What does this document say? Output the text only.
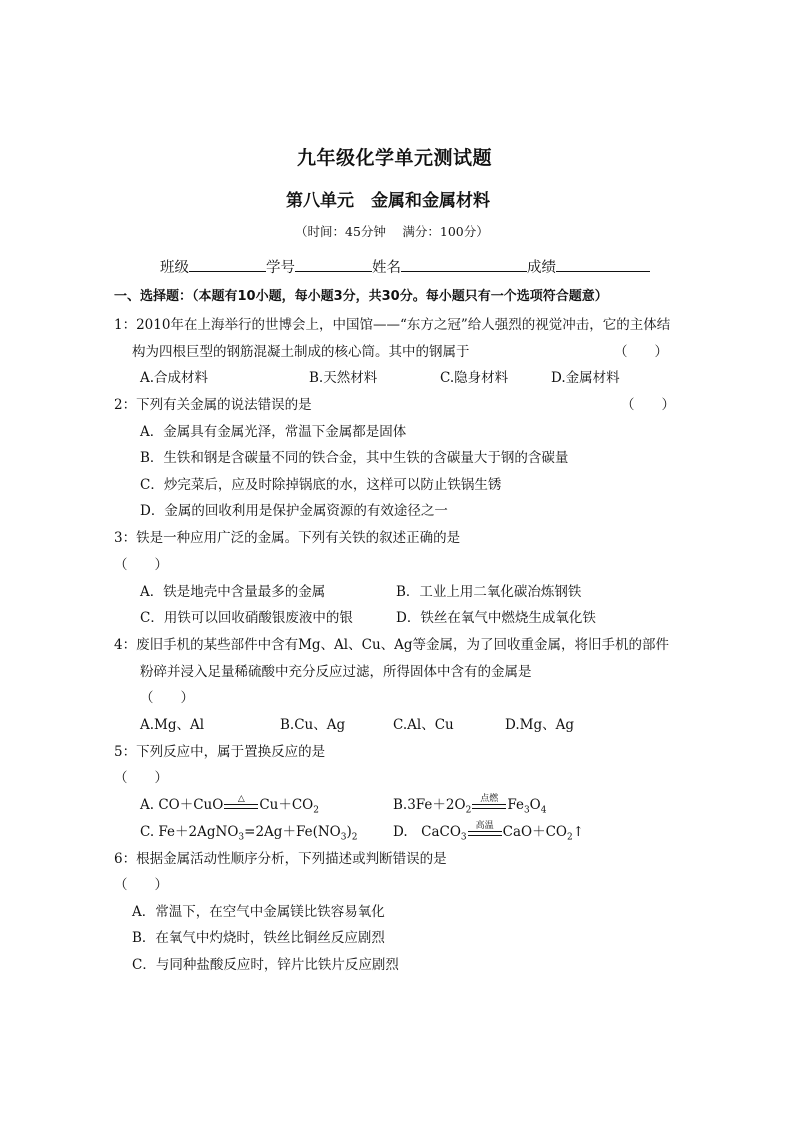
九年级化学单元测试题
第八单元　金属和金属材料
（时间：45分钟　 满分：100分）
班级	学号	姓名	成绩
一、选择题：（本题有10小题，每小题3分，共30分。每小题只有一个选项符合题意）
1：2010年在上海举行的世博会上，中国馆——“东方之冠”给人强烈的视觉冲击，它的主体结
构为四根巨型的钢筋混凝土制成的核心筒。其中的钢属于	（　　）
A.合成材料	B.天然材料	C.隐身材料	D.金属材料
2：下列有关金属的说法错误的是	（　　）
A．金属具有金属光泽，常温下金属都是固体
B．生铁和钢是含碳量不同的铁合金，其中生铁的含碳量大于钢的含碳量
C．炒完菜后，应及时除掉锅底的水，这样可以防止铁锅生锈
D．金属的回收利用是保护金属资源的有效途径之一
3：铁是一种应用广泛的金属。下列有关铁的叙述正确的是
（　　）
A．铁是地壳中含量最多的金属	B．工业上用二氧化碳冶炼钢铁
C．用铁可以回收硝酸银废液中的银	D．铁丝在氧气中燃烧生成氧化铁
4：废旧手机的某些部件中含有Mg、Al、Cu、Ag等金属，为了回收重金属，将旧手机的部件
粉碎并浸入足量稀硫酸中充分反应过滤，所得固体中含有的金属是
（　　）
A.Mg、Al	B.Cu、Ag	C.Al、Cu	D.Mg、Ag
5：下列反应中，属于置换反应的是
（　　）
A. CO＋CuO △ $Cu+CO_2$	$B.3Fe+2O_2$
点燃 $Fe_3O_4$
C. $Fe+2AgNO_3=2Ag+Fe(NO_3)_2$	D.　CaCO$_3$
高温 $CaO+CO_2↑$
6：根据金属活动性顺序分析，下列描述或判断错误的是
（　　）
A．常温下，在空气中金属镁比铁容易氧化
B．在氧气中灼烧时，铁丝比铜丝反应剧烈
C．与同种盐酸反应时，锌片比铁片反应剧烈
